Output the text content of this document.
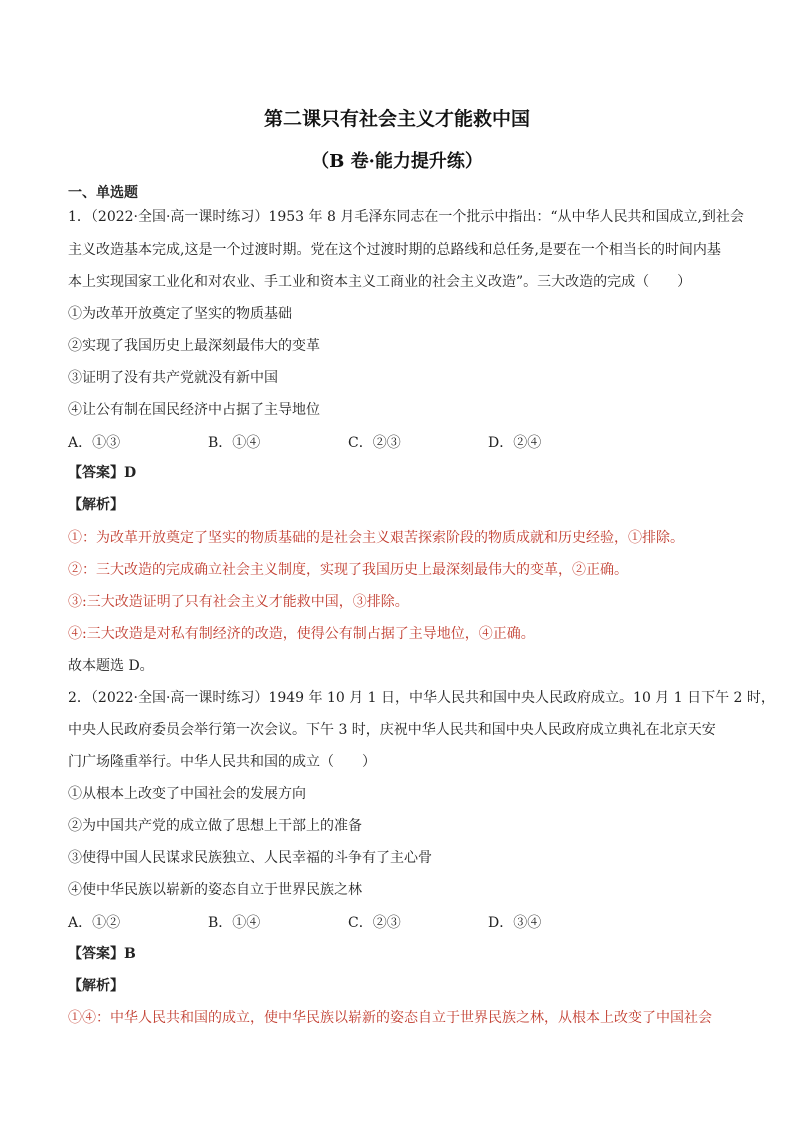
第二课只有社会主义才能救中国
（B 卷·能力提升练）
一、单选题
1．（2022·全国·高一课时练习）1953 年 8 月毛泽东同志在一个批示中指出：“从中华人民共和国成立,到社会
主义改造基本完成,这是一个过渡时期。党在这个过渡时期的总路线和总任务,是要在一个相当长的时间内基
本上实现国家工业化和对农业、手工业和资本主义工商业的社会主义改造”。三大改造的完成（　　）
①为改革开放奠定了坚实的物质基础
②实现了我国历史上最深刻最伟大的变革
③证明了没有共产党就没有新中国
④让公有制在国民经济中占据了主导地位
A．①③	B．①④	C．②③	D．②④
【答案】D
【解析】
①：为改革开放奠定了坚实的物质基础的是社会主义艰苦探索阶段的物质成就和历史经验，①排除。
②：三大改造的完成确立社会主义制度，实现了我国历史上最深刻最伟大的变革，②正确。
③:三大改造证明了只有社会主义才能救中国，③排除。
④:三大改造是对私有制经济的改造，使得公有制占据了主导地位，④正确。
故本题选 D。
2．（2022·全国·高一课时练习）1949 年 10 月 1 日，中华人民共和国中央人民政府成立。10 月 1 日下午 2 时，
中央人民政府委员会举行第一次会议。下午 3 时，庆祝中华人民共和国中央人民政府成立典礼在北京天安
门广场隆重举行。中华人民共和国的成立（　　）
①从根本上改变了中国社会的发展方向
②为中国共产党的成立做了思想上干部上的准备
③使得中国人民谋求民族独立、人民幸福的斗争有了主心骨
④使中华民族以崭新的姿态自立于世界民族之林
A．①②	B．①④	C．②③	D．③④
【答案】B
【解析】
①④：中华人民共和国的成立，使中华民族以崭新的姿态自立于世界民族之林，从根本上改变了中国社会
